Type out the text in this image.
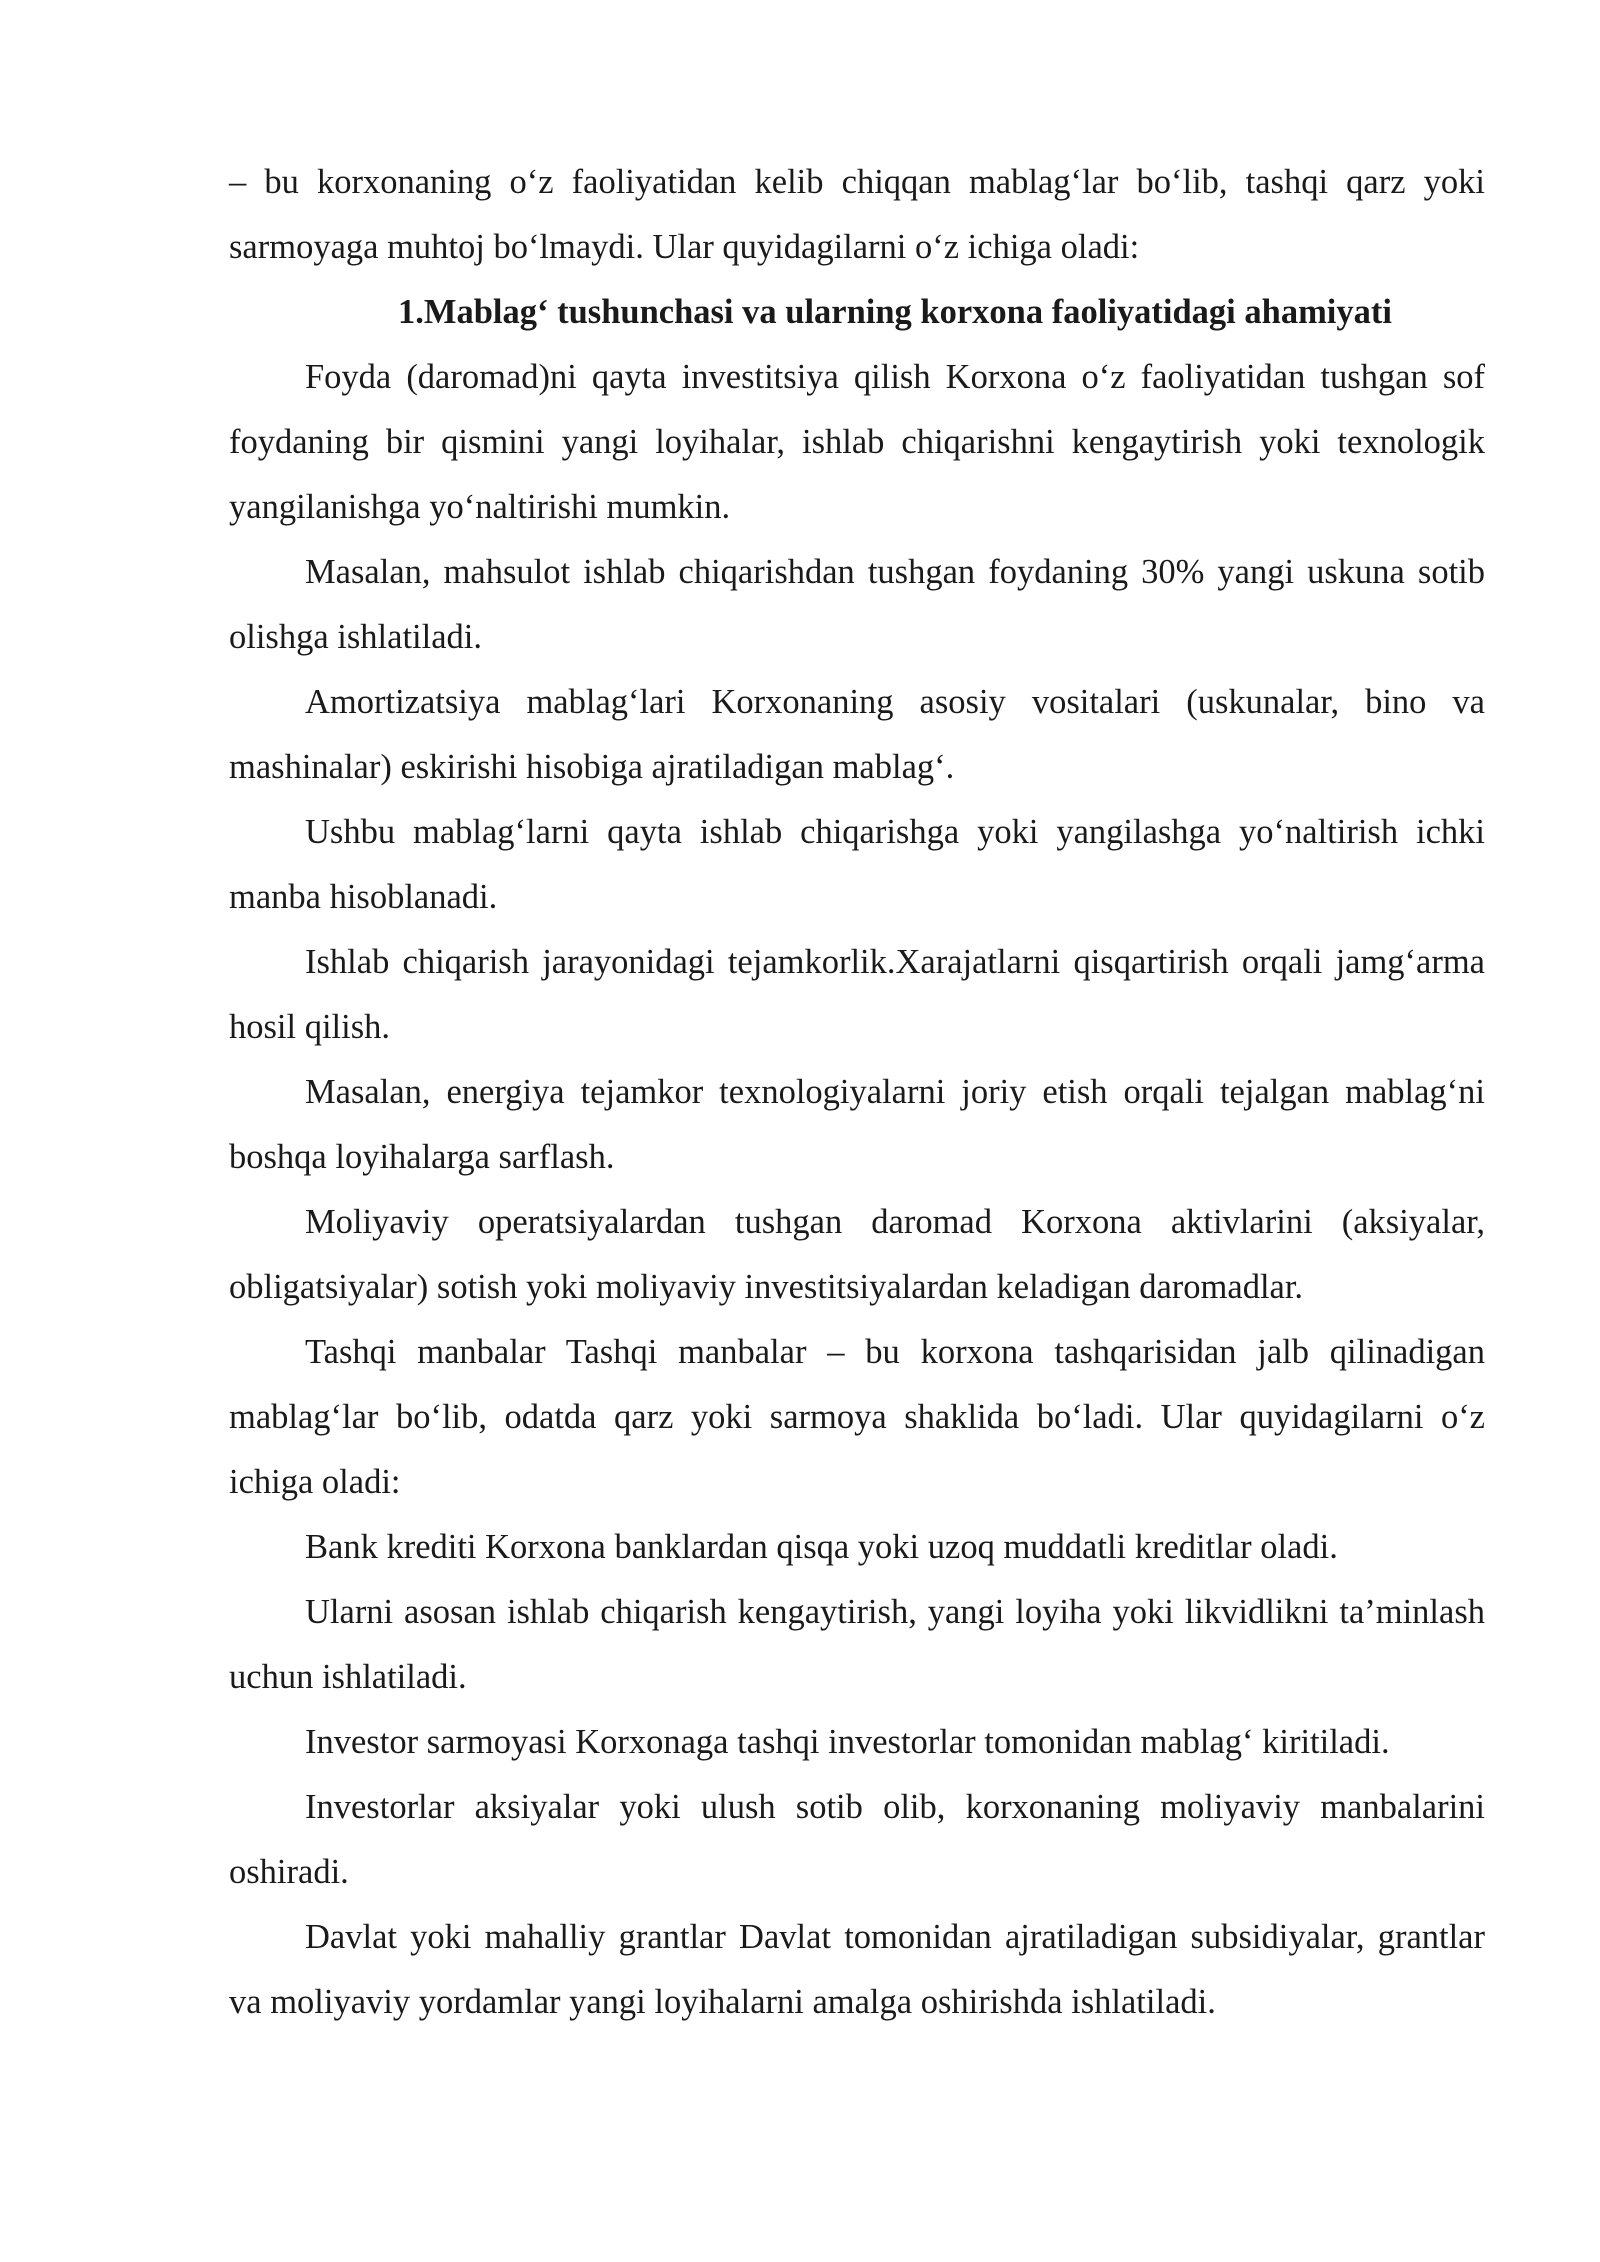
– bu korxonaning o‘z faoliyatidan kelib chiqqan mablag‘lar bo‘lib, tashqi qarz yoki sarmoyaga muhtoj bo‘lmaydi. Ular quyidagilarni o‘z ichiga oladi:

1.Mablag‘ tushunchasi va ularning korxona faoliyatidagi ahamiyati

Foyda (daromad)ni qayta investitsiya qilish Korxona o‘z faoliyatidan tushgan sof foydaning bir qismini yangi loyihalar, ishlab chiqarishni kengaytirish yoki texnologik yangilanishga yo‘naltirishi mumkin.

Masalan, mahsulot ishlab chiqarishdan tushgan foydaning 30% yangi uskuna sotib olishga ishlatiladi.

Amortizatsiya mablag‘lari Korxonaning asosiy vositalari (uskunalar, bino va mashinalar) eskirishi hisobiga ajratiladigan mablag‘.

Ushbu mablag‘larni qayta ishlab chiqarishga yoki yangilashga yo‘naltirish ichki manba hisoblanadi.

Ishlab chiqarish jarayonidagi tejamkorlik.Xarajatlarni qisqartirish orqali jamg‘arma hosil qilish.

Masalan, energiya tejamkor texnologiyalarni joriy etish orqali tejalgan mablag‘ni boshqa loyihalarga sarflash.

Moliyaviy operatsiyalardan tushgan daromad Korxona aktivlarini (aksiyalar, obligatsiyalar) sotish yoki moliyaviy investitsiyalardan keladigan daromadlar.

Tashqi manbalar Tashqi manbalar – bu korxona tashqarisidan jalb qilinadigan mablag‘lar bo‘lib, odatda qarz yoki sarmoya shaklida bo‘ladi. Ular quyidagilarni o‘z ichiga oladi:

Bank krediti Korxona banklardan qisqa yoki uzoq muddatli kreditlar oladi.

Ularni asosan ishlab chiqarish kengaytirish, yangi loyiha yoki likvidlikni ta’minlash uchun ishlatiladi.

Investor sarmoyasi Korxonaga tashqi investorlar tomonidan mablag‘ kiritiladi.

Investorlar aksiyalar yoki ulush sotib olib, korxonaning moliyaviy manbalarini oshiradi.

Davlat yoki mahalliy grantlar Davlat tomonidan ajratiladigan subsidiyalar, grantlar va moliyaviy yordamlar yangi loyihalarni amalga oshirishda ishlatiladi.
